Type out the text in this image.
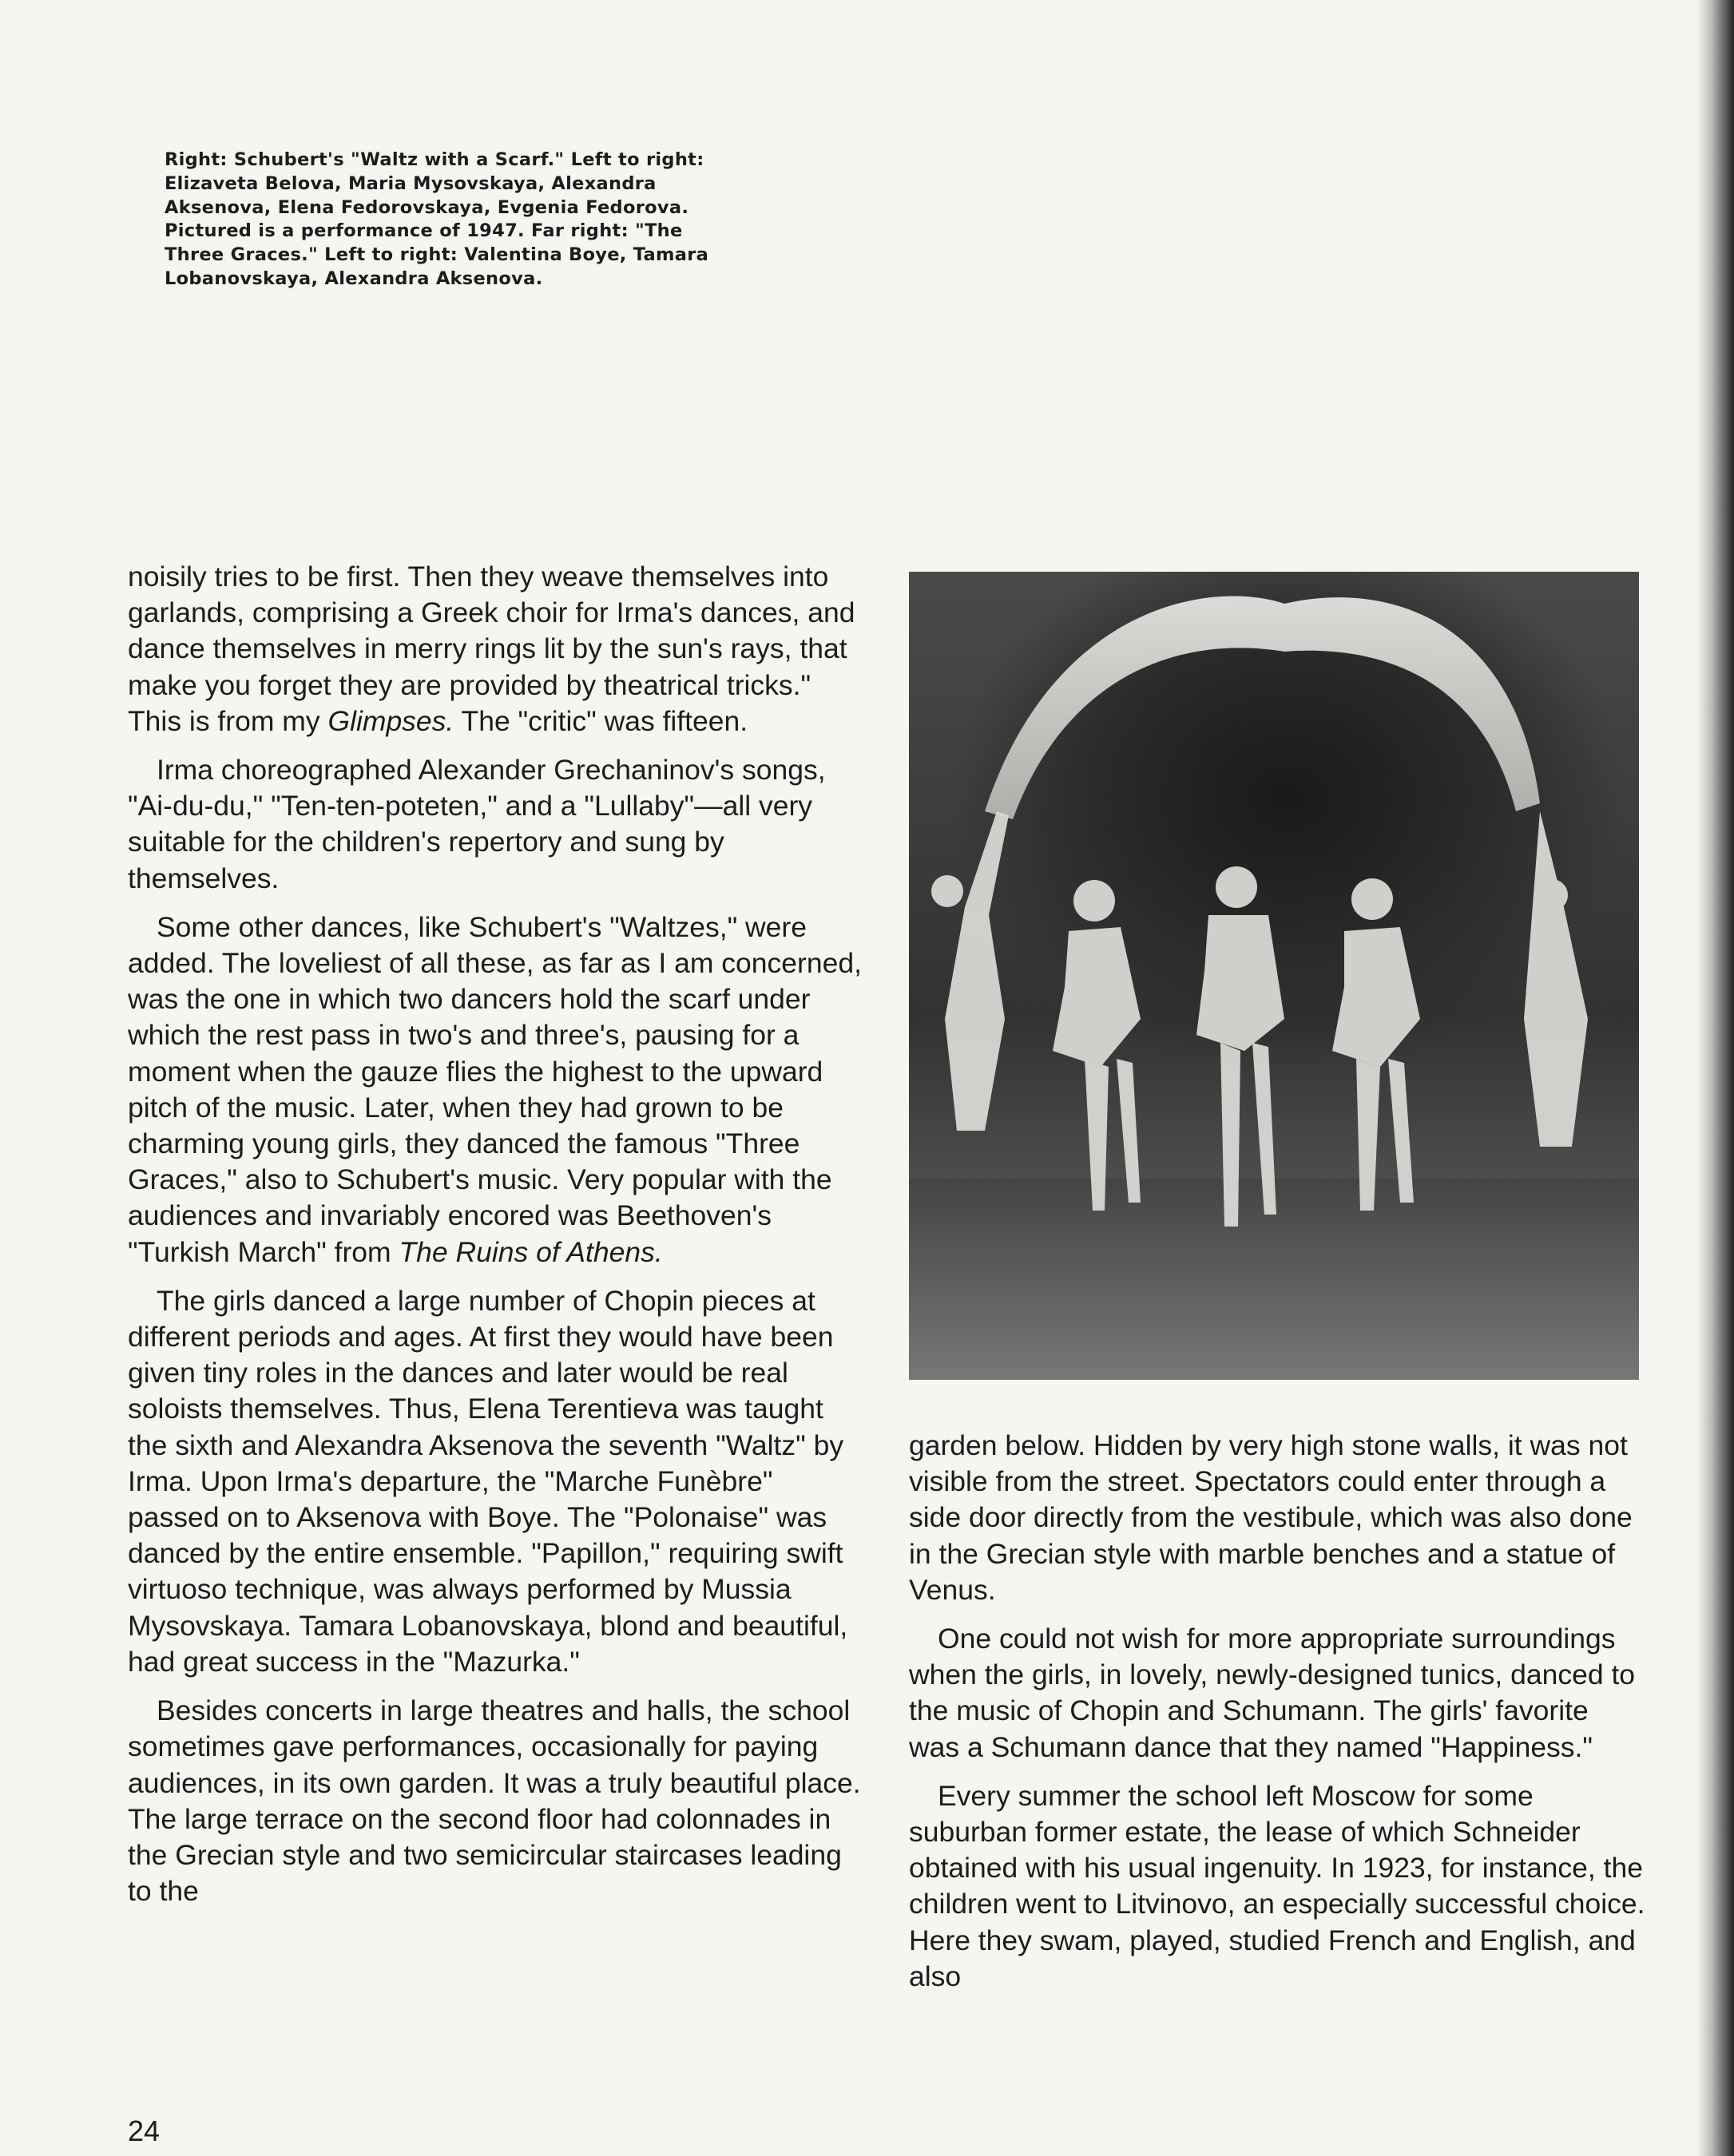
Right: Schubert's "Waltz with a Scarf." Left to right: Elizaveta Belova, Maria Mysovskaya, Alexandra Aksenova, Elena Fedorovskaya, Evgenia Fedorova. Pictured is a performance of 1947. Far right: "The Three Graces." Left to right: Valentina Boye, Tamara Lobanovskaya, Alexandra Aksenova.

noisily tries to be first. Then they weave themselves into garlands, comprising a Greek choir for Irma's dances, and dance themselves in merry rings lit by the sun's rays, that make you forget they are provided by theatrical tricks." This is from my Glimpses. The "critic" was fifteen.

Irma choreographed Alexander Grechaninov's songs, "Ai-du-du," "Ten-ten-poteten," and a "Lullaby"—all very suitable for the children's repertory and sung by themselves.

Some other dances, like Schubert's "Waltzes," were added. The loveliest of all these, as far as I am concerned, was the one in which two dancers hold the scarf under which the rest pass in two's and three's, pausing for a moment when the gauze flies the highest to the upward pitch of the music. Later, when they had grown to be charming young girls, they danced the famous "Three Graces," also to Schubert's music. Very popular with the audiences and invariably encored was Beethoven's "Turkish March" from The Ruins of Athens.

The girls danced a large number of Chopin pieces at different periods and ages. At first they would have been given tiny roles in the dances and later would be real soloists themselves. Thus, Elena Terentieva was taught the sixth and Alexandra Aksenova the seventh "Waltz" by Irma. Upon Irma's departure, the "Marche Funèbre" passed on to Aksenova with Boye. The "Polonaise" was danced by the entire ensemble. "Papillon," requiring swift virtuoso technique, was always performed by Mussia Mysovskaya. Tamara Lobanovskaya, blond and beautiful, had great success in the "Mazurka."

Besides concerts in large theatres and halls, the school sometimes gave performances, occasionally for paying audiences, in its own garden. It was a truly beautiful place. The large terrace on the second floor had colonnades in the Grecian style and two semicircular staircases leading to the

garden below. Hidden by very high stone walls, it was not visible from the street. Spectators could enter through a side door directly from the vestibule, which was also done in the Grecian style with marble benches and a statue of Venus.

One could not wish for more appropriate surroundings when the girls, in lovely, newly-designed tunics, danced to the music of Chopin and Schumann. The girls' favorite was a Schumann dance that they named "Happiness."

Every summer the school left Moscow for some suburban former estate, the lease of which Schneider obtained with his usual ingenuity. In 1923, for instance, the children went to Litvinovo, an especially successful choice. Here they swam, played, studied French and English, and also

24
